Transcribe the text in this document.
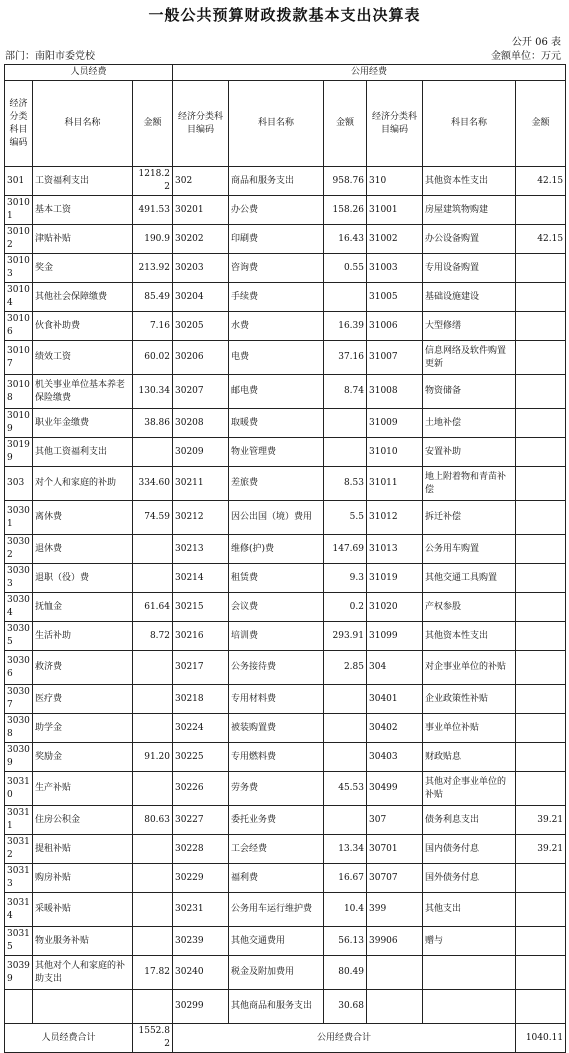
一般公共预算财政拨款基本支出决算表
公开 06 表
部门：南阳市委党校	金额单位：万元
人员经费			公用经费					
经济分类科目编码	科目名称	金额	经济分类科目编码	科目名称	金额	经济分类科目编码	科目名称	金额
301	工资福利支出	1218.22	302	商品和服务支出	958.76	310	其他资本性支出	42.15
30101	基本工资	491.53	30201	办公费	158.26	31001	房屋建筑物购建	
30102	津贴补贴	190.9	30202	印刷费	16.43	31002	办公设备购置	42.15
30103	奖金	213.92	30203	咨询费	0.55	31003	专用设备购置	
30104	其他社会保障缴费	85.49	30204	手续费		31005	基础设施建设	
30106	伙食补助费	7.16	30205	水费	16.39	31006	大型修缮	
30107	绩效工资	60.02	30206	电费	37.16	31007	信息网络及软件购置更新	
30108	机关事业单位基本养老保险缴费	130.34	30207	邮电费	8.74	31008	物资储备	
30109	职业年金缴费	38.86	30208	取暖费		31009	土地补偿	
30199	其他工资福利支出		30209	物业管理费		31010	安置补助	
303	对个人和家庭的补助	334.60	30211	差旅费	8.53	31011	地上附着物和青苗补偿	
30301	离休费	74.59	30212	因公出国（境）费用	5.5	31012	拆迁补偿	
30302	退休费		30213	维修(护)费	147.69	31013	公务用车购置	
30303	退职（役）费		30214	租赁费	9.3	31019	其他交通工具购置	
30304	抚恤金	61.64	30215	会议费	0.2	31020	产权参股	
30305	生活补助	8.72	30216	培训费	293.91	31099	其他资本性支出	
30306	救济费		30217	公务接待费	2.85	304	对企事业单位的补贴	
30307	医疗费		30218	专用材料费		30401	企业政策性补贴	
30308	助学金		30224	被装购置费		30402	事业单位补贴	
30309	奖励金	91.20	30225	专用燃料费		30403	财政贴息	
30310	生产补贴		30226	劳务费	45.53	30499	其他对企事业单位的补贴	
30311	住房公积金	80.63	30227	委托业务费		307	债务利息支出	39.21
30312	提租补贴		30228	工会经费	13.34	30701	国内债务付息	39.21
30313	购房补贴		30229	福利费	16.67	30707	国外债务付息	
30314	采暖补贴		30231	公务用车运行维护费	10.4	399	其他支出	
30315	物业服务补贴		30239	其他交通费用	56.13	39906	赠与	
30399	其他对个人和家庭的补助支出	17.82	30240	税金及附加费用	80.49			
			30299	其他商品和服务支出	30.68			
人员经费合计		1552.82	公用经费合计					1040.11
